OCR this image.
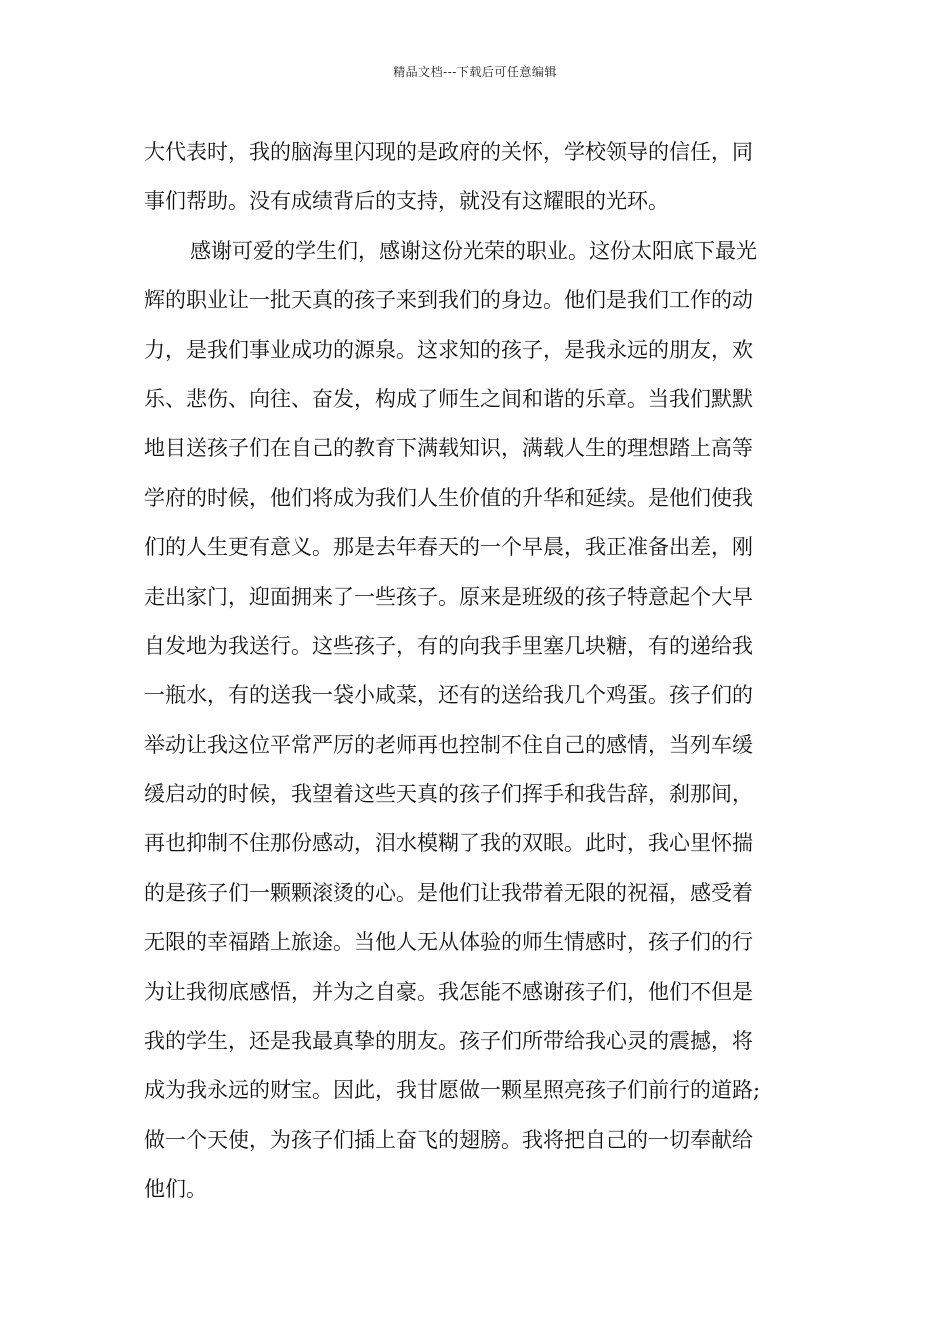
精品文档---下载后可任意编辑
大代表时，我的脑海里闪现的是政府的关怀，学校领导的信任，同
事们帮助。没有成绩背后的支持，就没有这耀眼的光环。
感谢可爱的学生们，感谢这份光荣的职业。这份太阳底下最光
辉的职业让一批天真的孩子来到我们的身边。他们是我们工作的动
力，是我们事业成功的源泉。这求知的孩子，是我永远的朋友，欢
乐、悲伤、向往、奋发，构成了师生之间和谐的乐章。当我们默默
地目送孩子们在自己的教育下满载知识，满载人生的理想踏上高等
学府的时候，他们将成为我们人生价值的升华和延续。是他们使我
们的人生更有意义。那是去年春天的一个早晨，我正准备出差，刚
走出家门，迎面拥来了一些孩子。原来是班级的孩子特意起个大早
自发地为我送行。这些孩子，有的向我手里塞几块糖，有的递给我
一瓶水，有的送我一袋小咸菜，还有的送给我几个鸡蛋。孩子们的
举动让我这位平常严厉的老师再也控制不住自己的感情，当列车缓
缓启动的时候，我望着这些天真的孩子们挥手和我告辞，刹那间，
再也抑制不住那份感动，泪水模糊了我的双眼。此时，我心里怀揣
的是孩子们一颗颗滚烫的心。是他们让我带着无限的祝福，感受着
无限的幸福踏上旅途。当他人无从体验的师生情感时，孩子们的行
为让我彻底感悟，并为之自豪。我怎能不感谢孩子们，他们不但是
我的学生，还是我最真挚的朋友。孩子们所带给我心灵的震撼，将
成为我永远的财宝。因此，我甘愿做一颗星照亮孩子们前行的道路;
做一个天使，为孩子们插上奋飞的翅膀。我将把自己的一切奉献给
他们。
